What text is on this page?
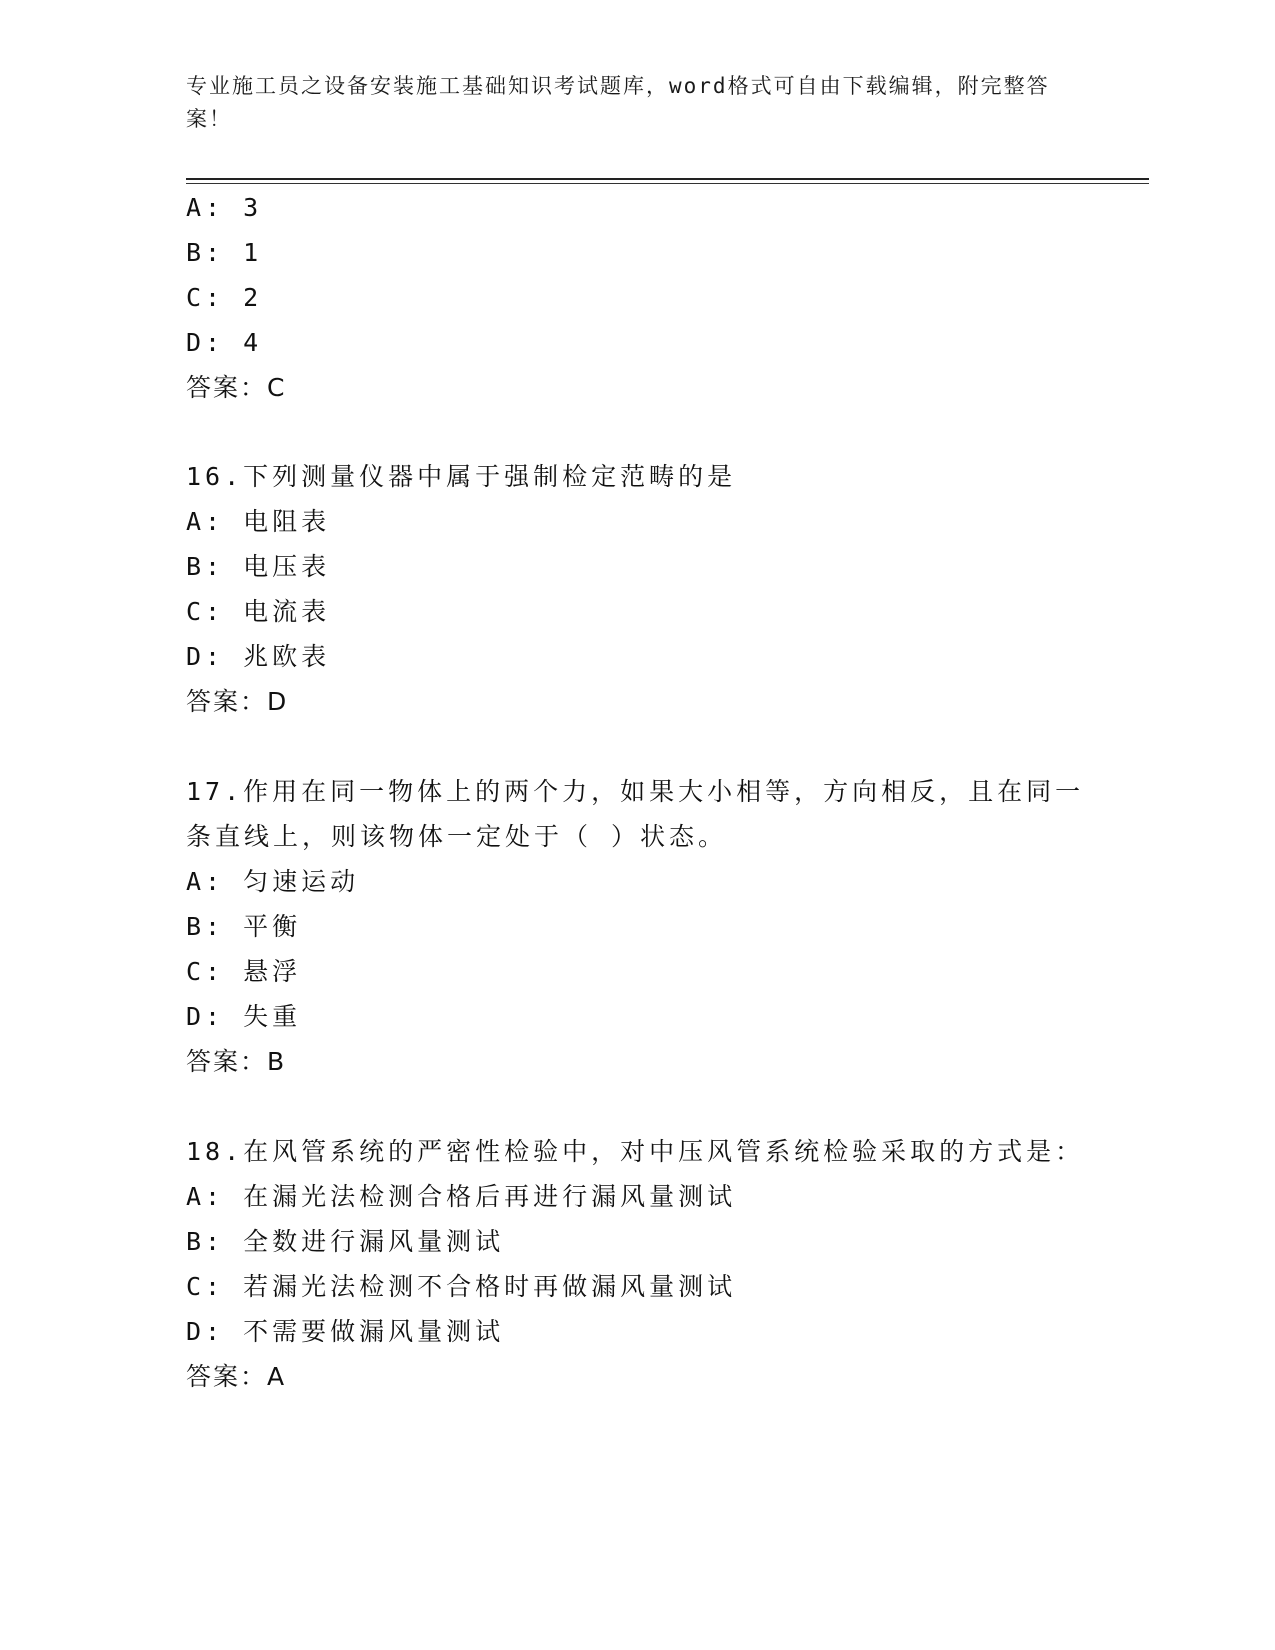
专业施工员之设备安装施工基础知识考试题库，word格式可自由下载编辑，附完整答案！
A: 3
B: 1
C: 2
D: 4
答案：C
16.下列测量仪器中属于强制检定范畴的是
A: 电阻表
B: 电压表
C: 电流表
D: 兆欧表
答案：D
17.作用在同一物体上的两个力，如果大小相等，方向相反，且在同一
条直线上，则该物体一定处于（ ）状态。
A: 匀速运动
B: 平衡
C: 悬浮
D: 失重
答案：B
18.在风管系统的严密性检验中，对中压风管系统检验采取的方式是：
A: 在漏光法检测合格后再进行漏风量测试
B: 全数进行漏风量测试
C: 若漏光法检测不合格时再做漏风量测试
D: 不需要做漏风量测试
答案：A
